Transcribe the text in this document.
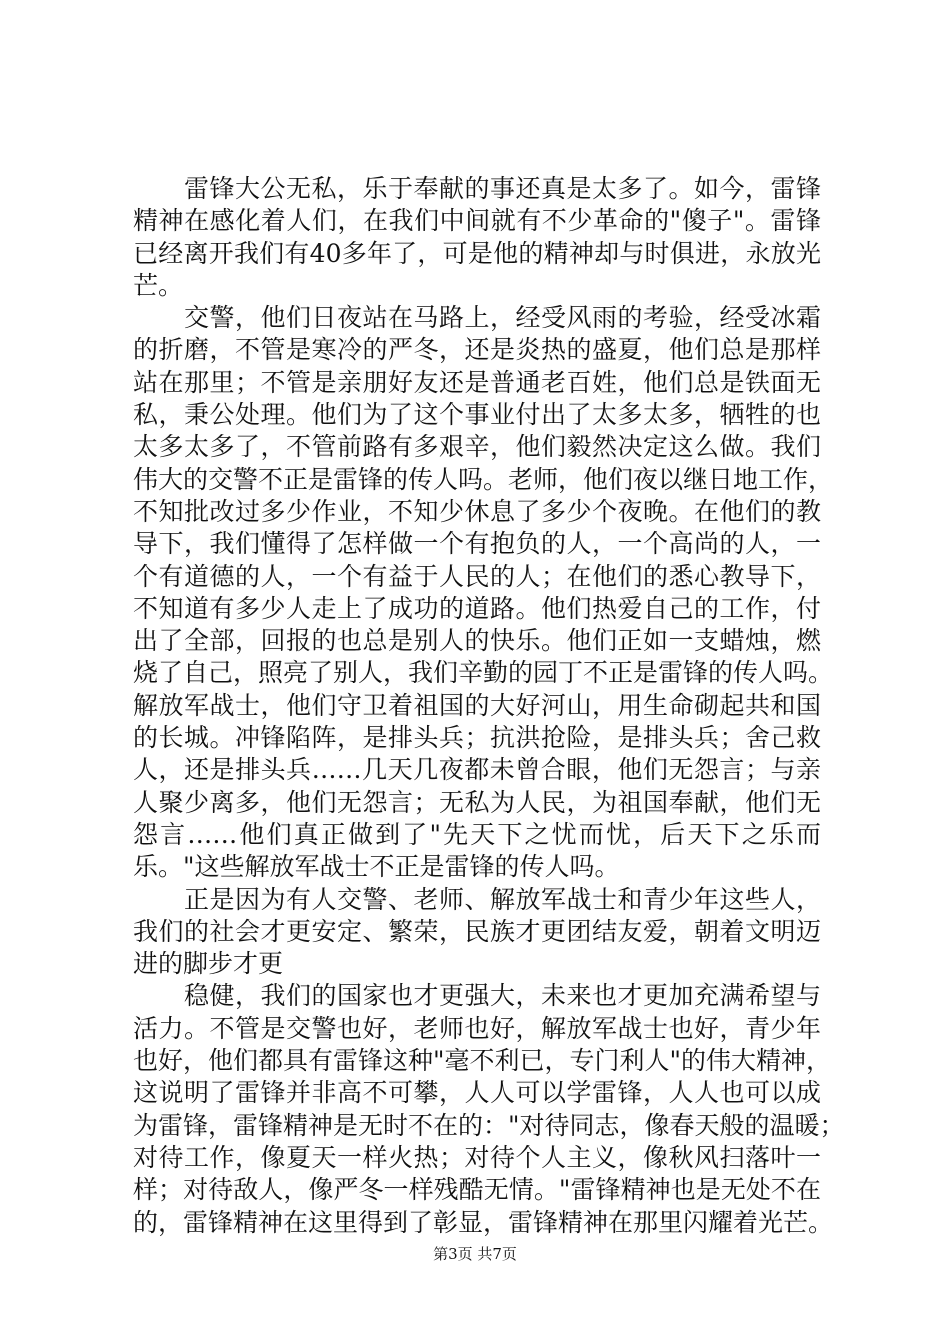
　　雷锋大公无私，乐于奉献的事还真是太多了。如今，雷锋
精神在感化着人们，在我们中间就有不少革命的"傻子"。雷锋
已经离开我们有40多年了，可是他的精神却与时俱进，永放光
芒。
　　交警，他们日夜站在马路上，经受风雨的考验，经受冰霜
的折磨，不管是寒冷的严冬，还是炎热的盛夏，他们总是那样
站在那里；不管是亲朋好友还是普通老百姓，他们总是铁面无
私，秉公处理。他们为了这个事业付出了太多太多，牺牲的也
太多太多了，不管前路有多艰辛，他们毅然决定这么做。我们
伟大的交警不正是雷锋的传人吗。老师，他们夜以继日地工作，
不知批改过多少作业，不知少休息了多少个夜晚。在他们的教
导下，我们懂得了怎样做一个有抱负的人，一个高尚的人，一
个有道德的人，一个有益于人民的人；在他们的悉心教导下，
不知道有多少人走上了成功的道路。他们热爱自己的工作，付
出了全部，回报的也总是别人的快乐。他们正如一支蜡烛，燃
烧了自己，照亮了别人，我们辛勤的园丁不正是雷锋的传人吗。
解放军战士，他们守卫着祖国的大好河山，用生命砌起共和国
的长城。冲锋陷阵，是排头兵；抗洪抢险，是排头兵；舍己救
人，还是排头兵……几天几夜都未曾合眼，他们无怨言；与亲
人聚少离多，他们无怨言；无私为人民，为祖国奉献，他们无
怨言……他们真正做到了"先天下之忧而忧，后天下之乐而
乐。"这些解放军战士不正是雷锋的传人吗。
　　正是因为有人交警、老师、解放军战士和青少年这些人，
我们的社会才更安定、繁荣，民族才更团结友爱，朝着文明迈
进的脚步才更
　　稳健，我们的国家也才更强大，未来也才更加充满希望与
活力。不管是交警也好，老师也好，解放军战士也好，青少年
也好，他们都具有雷锋这种"毫不利已，专门利人"的伟大精神，
这说明了雷锋并非高不可攀，人人可以学雷锋，人人也可以成
为雷锋，雷锋精神是无时不在的："对待同志，像春天般的温暖；
对待工作，像夏天一样火热；对待个人主义，像秋风扫落叶一
样；对待敌人，像严冬一样残酷无情。"雷锋精神也是无处不在
的，雷锋精神在这里得到了彰显，雷锋精神在那里闪耀着光芒。
第3页 共7页
